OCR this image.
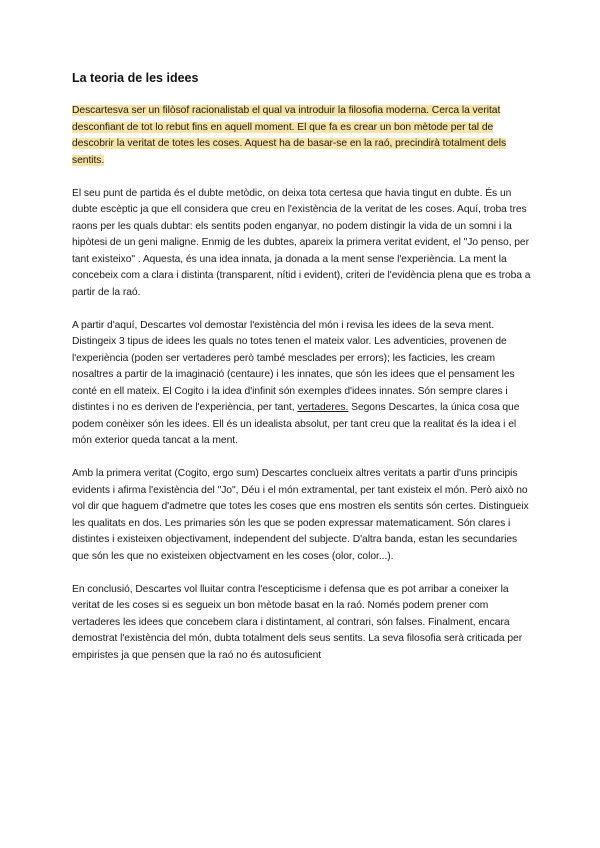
La teoria de les idees
Descartesva ser un filòsof racionalistab el qual va introduir la filosofia moderna. Cerca la veritat desconfiant de tot lo rebut fins en aquell moment. El que fa es crear un bon mètode per tal de descobrir la veritat de totes les coses. Aquest ha de basar-se en la raó, precindirà totalment dels sentits.
El seu punt de partida és el dubte metòdic, on deixa tota certesa que havia tingut en dubte. És un dubte escèptic ja que ell considera que creu en l'existència de la veritat de les coses. Aquí, troba tres raons per les quals dubtar: els sentits poden enganyar, no podem distingir la vida de un somni i la hipòtesi de un geni maligne. Enmig de les dubtes, apareix la primera veritat evident, el "Jo penso, per tant existeixo" . Aquesta, és una idea innata, ja donada a la ment sense l'experiència. La ment la concebeix com a clara i distinta (transparent, nítid i evident), criteri de l'evidència plena que es troba a partir de la raó.
A partir d'aquí, Descartes vol demostar l'existència del món i revisa les idees de la seva ment. Distingeix 3 tipus de idees les quals no totes tenen el mateix valor. Les adventicies, provenen de l'experiència (poden ser vertaderes però també mesclades per errors); les facticies, les cream nosaltres a partir de la imaginació (centaure) i les innates, que són les idees que el pensament les conté en ell mateix. El Cogito i la idea d'infinit són exemples d'idees innates. Són sempre clares i distintes i no es deriven de l'experiència, per tant, vertaderes. Segons Descartes, la única cosa que podem conèixer són les idees. Ell és un idealista absolut, per tant creu que la realitat és la idea i el món exterior queda tancat a la ment.
Amb la primera veritat (Cogito, ergo sum) Descartes conclueix altres veritats a partir d'uns principis evidents i afirma l'existència del "Jo", Déu i el món extramental, per tant existeix el món. Però això no vol dir que haguem d'admetre que totes les coses que ens mostren els sentits són certes. Distingueix les qualitats en dos. Les primaries són les que se poden expressar matematicament. Són clares i distintes i existeixen objectivament, independent del subjecte. D'altra banda, estan les secundaries que són les que no existeixen objectvament en les coses (olor, color...).
En conclusió, Descartes vol lluitar contra l'escepticisme i defensa que es pot arribar a coneixer la veritat de les coses si es segueix un bon mètode basat en la raó. Només podem prener com vertaderes les idees que concebem clara i distintament, al contrari, són falses. Finalment, encara demostrat l'existència del món, dubta totalment dels seus sentits. La seva filosofia serà criticada per empiristes ja que pensen que la raó no és autosuficient
